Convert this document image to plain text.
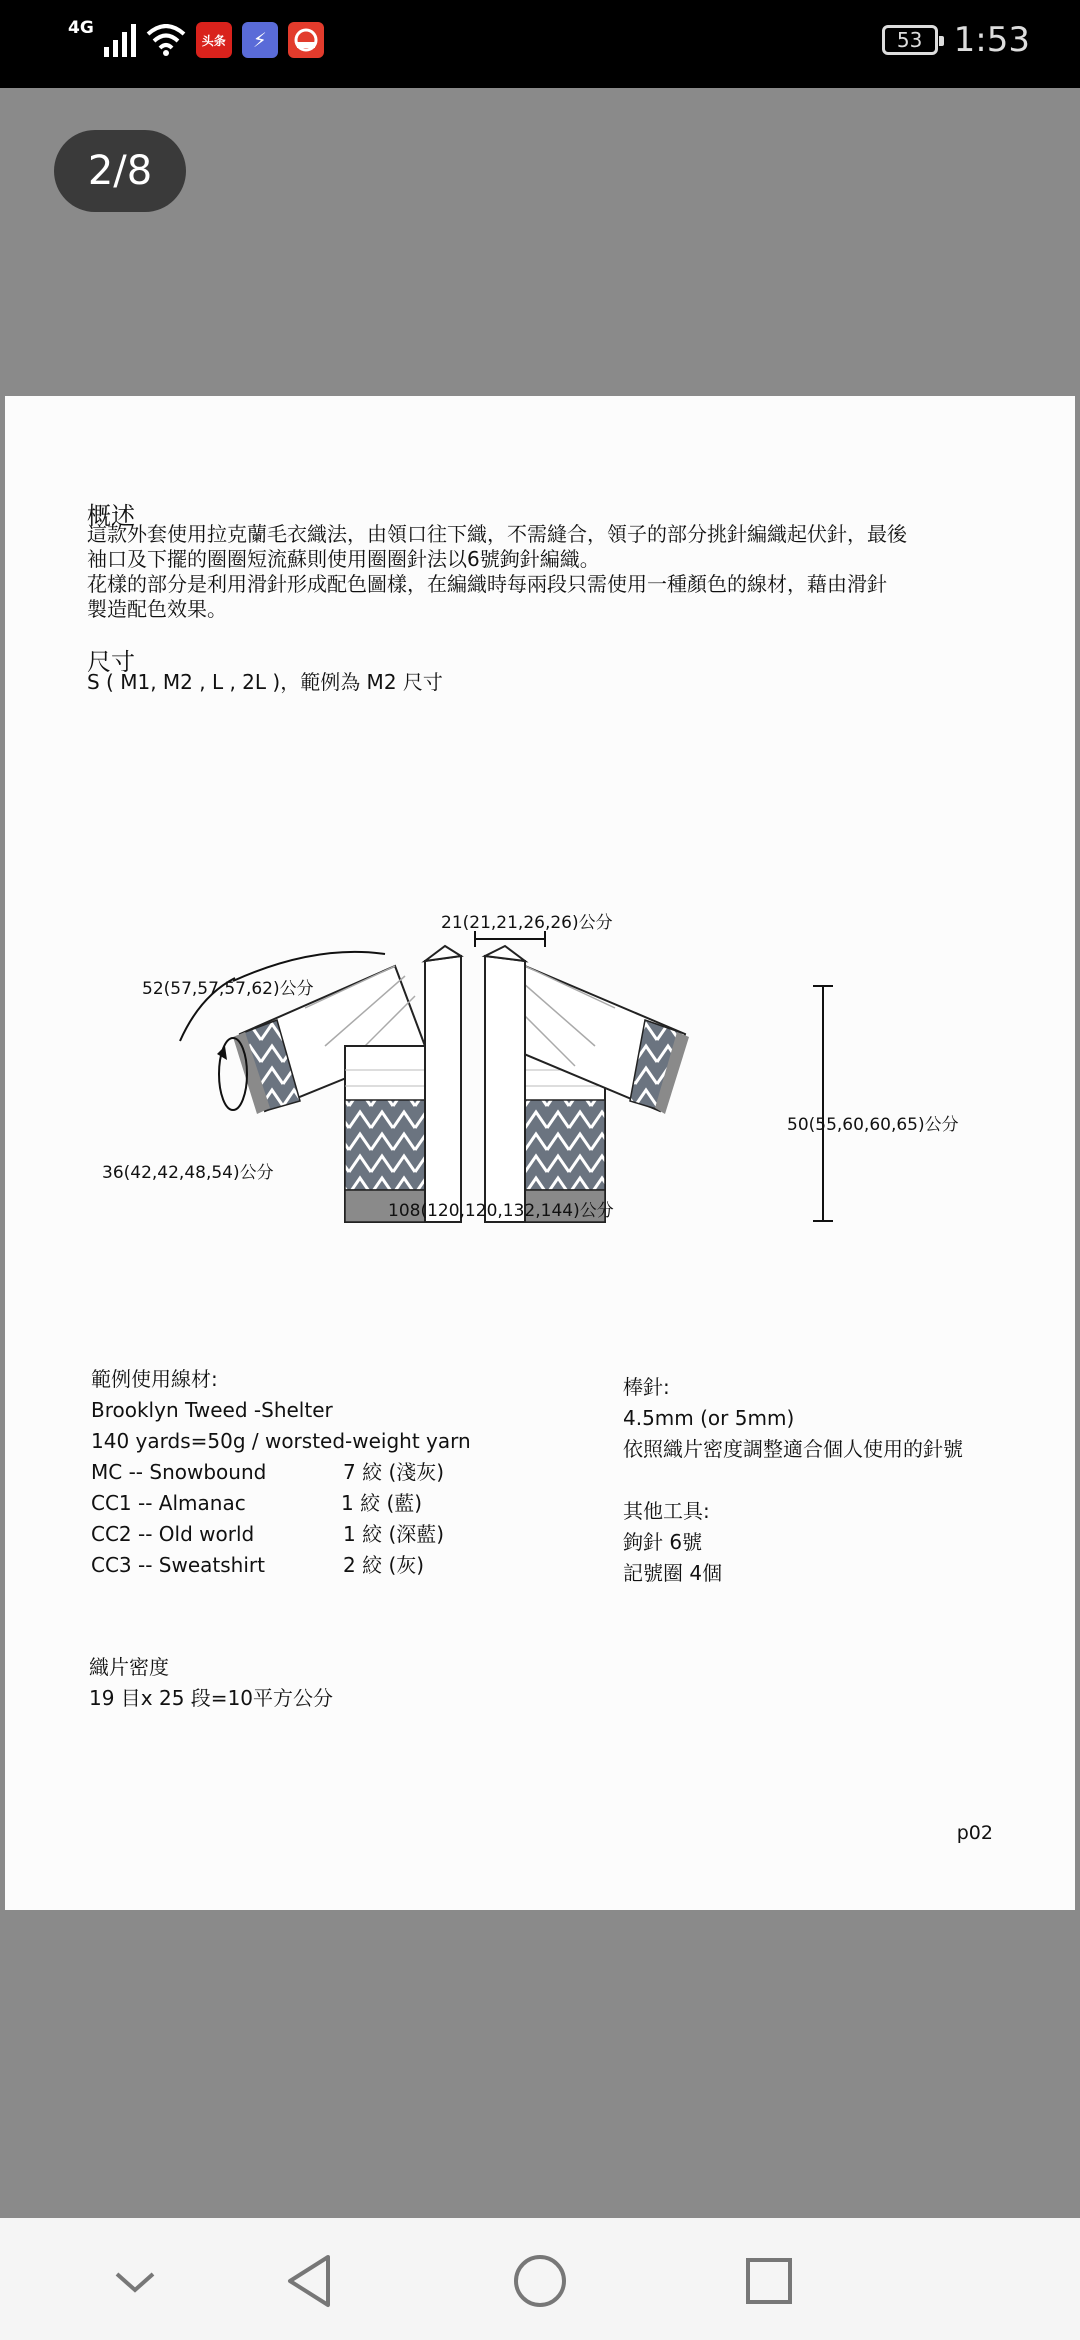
4G
头条	⚡	53 1:53
2/8
概述
這款外套使用拉克蘭毛衣織法，由領口往下織，不需縫合，領子的部分挑針編織起伏針，最後
袖口及下擺的圈圈短流蘇則使用圈圈針法以6號鉤針編織。
花樣的部分是利用滑針形成配色圖樣，在編織時每兩段只需使用一種顏色的線材，藉由滑針
製造配色效果。
尺寸
S ( M1, M2 , L , 2L )，範例為 M2 尺寸
21(21,21,26,26)公分
52(57,57,57,62)公分
50(55,60,60,65)公分
36(42,42,48,54)公分
108(120,120,132,144)公分
範例使用線材:
Brooklyn Tweed -Shelter
140 yards=50g / worsted-weight yarn
MC -- Snowbound	7 絞 (淺灰)
CC1 -- Almanac	1 絞 (藍)
CC2 -- Old world	1 絞 (深藍)
CC3 -- Sweatshirt	2 絞 (灰)
棒針:
4.5mm (or 5mm)
依照織片密度調整適合個人使用的針號
其他工具:
鉤針 6號
記號圈 4個
織片密度
19 目x 25 段=10平方公分
p02
